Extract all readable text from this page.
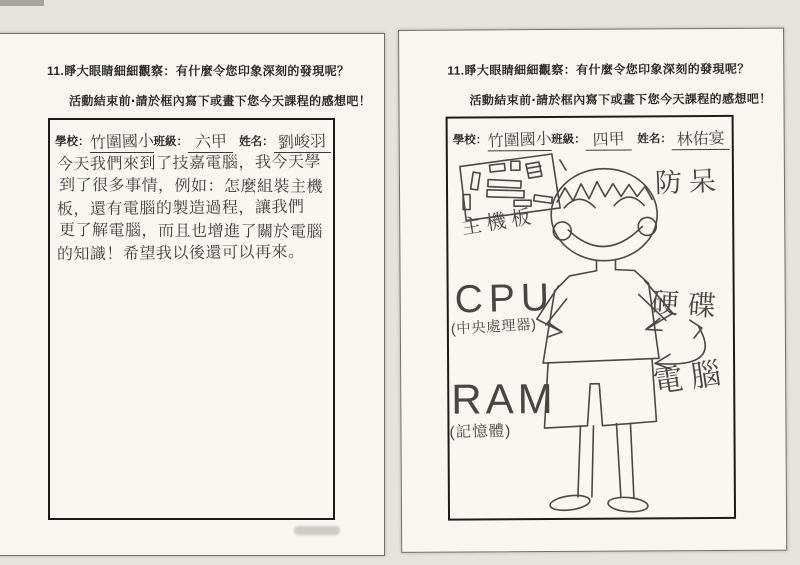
11.睜大眼睛細細觀察：有什麼令您印象深刻的發現呢？
活動結束前‧請於框內寫下或畫下您今天課程的感想吧！
學校： 竹圍國小 班級： 六甲	姓名： 劉峻羽
今天我們來到了技嘉電腦，我今天學
到了很多事情，例如：怎麼組裝主機
板，還有電腦的製造過程，讓我們
更了解電腦，而且也增進了關於電腦
的知識！希望我以後還可以再來。
11.睜大眼睛細細觀察：有什麼令您印象深刻的發現呢？
活動結束前‧請於框內寫下或畫下您今天課程的感想吧！
學校： 竹圍國小 班級： 四甲	姓名： 林佑宴
主機板
防呆
硬碟
CPU
(中央處理器)
RAM
(記憶體)
電腦
